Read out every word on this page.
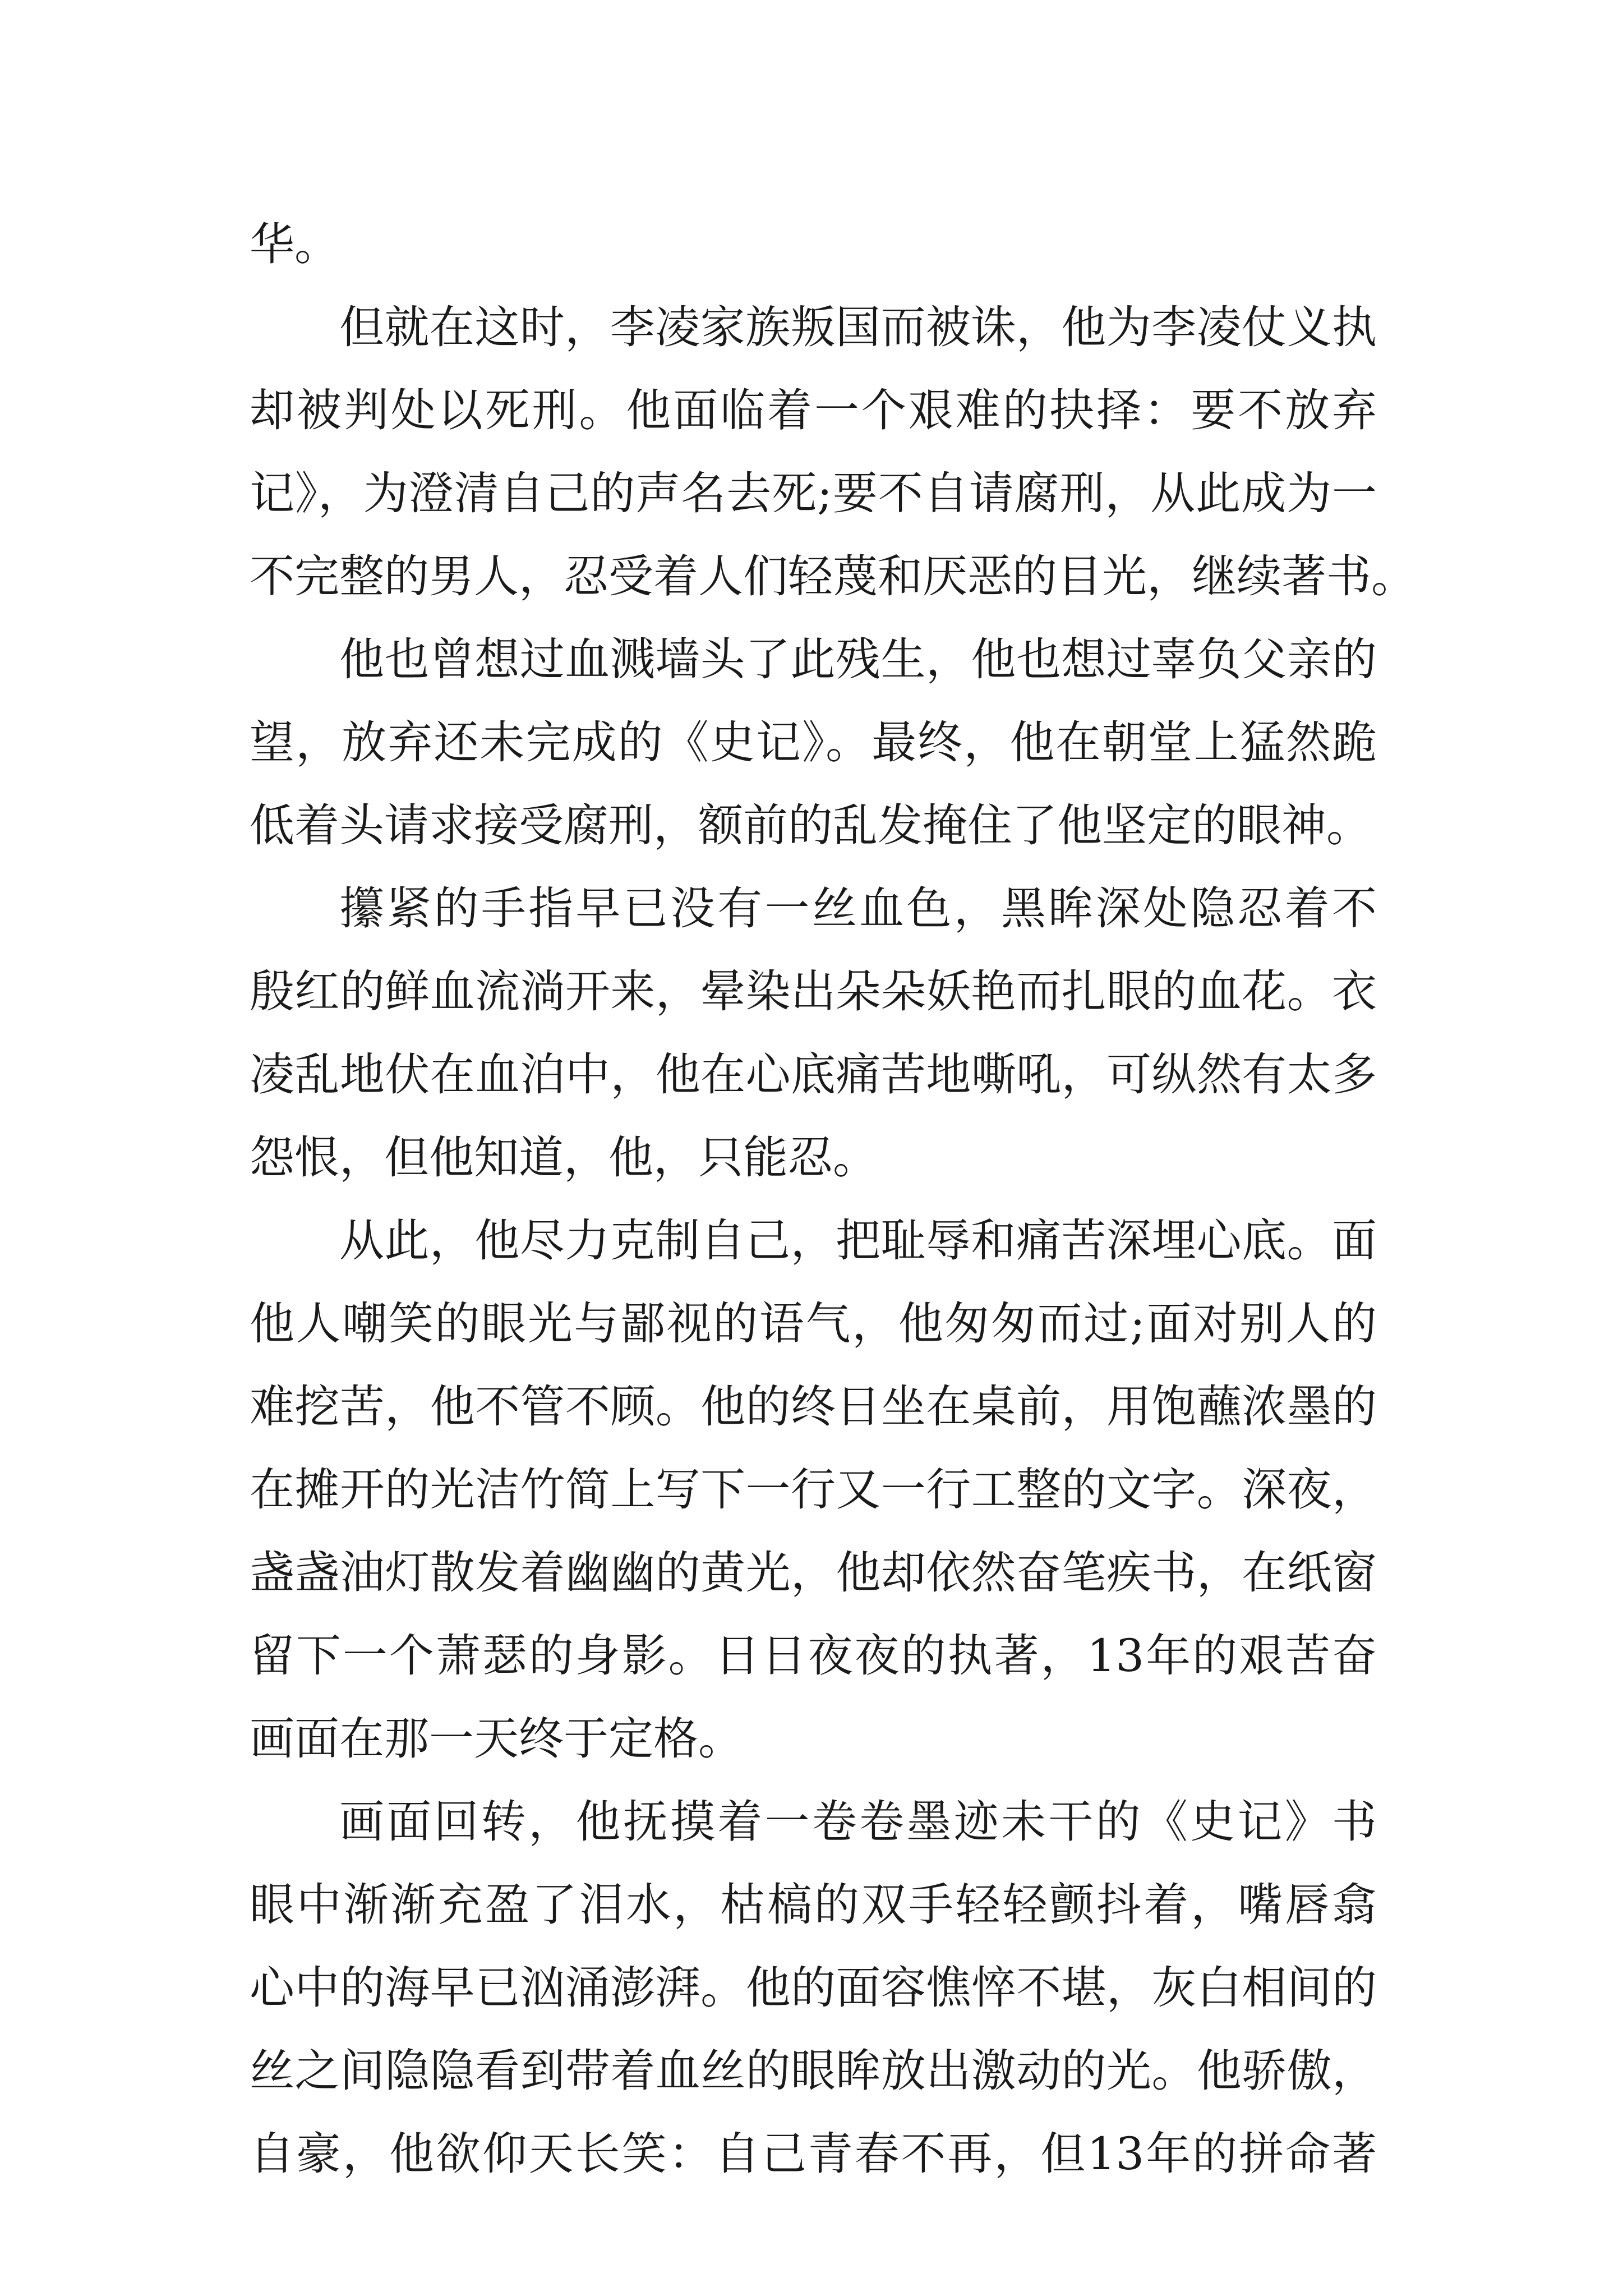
华。
但就在这时，李凌家族叛国而被诛，他为李凌仗义执
却被判处以死刑。他面临着一个艰难的抉择：要不放弃
记》，为澄清自己的声名去死;要不自请腐刑，从此成为一
不完整的男人，忍受着人们轻蔑和厌恶的目光，继续著书。
他也曾想过血溅墙头了此残生，他也想过辜负父亲的
望，放弃还未完成的《史记》。最终，他在朝堂上猛然跪
低着头请求接受腐刑，额前的乱发掩住了他坚定的眼神。
攥紧的手指早已没有一丝血色，黑眸深处隐忍着不
殷红的鲜血流淌开来，晕染出朵朵妖艳而扎眼的血花。衣
凌乱地伏在血泊中，他在心底痛苦地嘶吼，可纵然有太多
怨恨，但他知道，他，只能忍。
从此，他尽力克制自己，把耻辱和痛苦深埋心底。面
他人嘲笑的眼光与鄙视的语气，他匆匆而过;面对别人的
难挖苦，他不管不顾。他的终日坐在桌前，用饱蘸浓墨的
在摊开的光洁竹简上写下一行又一行工整的文字。深夜，
盏盏油灯散发着幽幽的黄光，他却依然奋笔疾书，在纸窗
留下一个萧瑟的身影。日日夜夜的执著，13年的艰苦奋
画面在那一天终于定格。
画面回转，他抚摸着一卷卷墨迹未干的《史记》书
眼中渐渐充盈了泪水，枯槁的双手轻轻颤抖着，嘴唇翕
心中的海早已汹涌澎湃。他的面容憔悴不堪，灰白相间的
丝之间隐隐看到带着血丝的眼眸放出激动的光。他骄傲，
自豪，他欲仰天长笑：自己青春不再，但13年的拼命著
